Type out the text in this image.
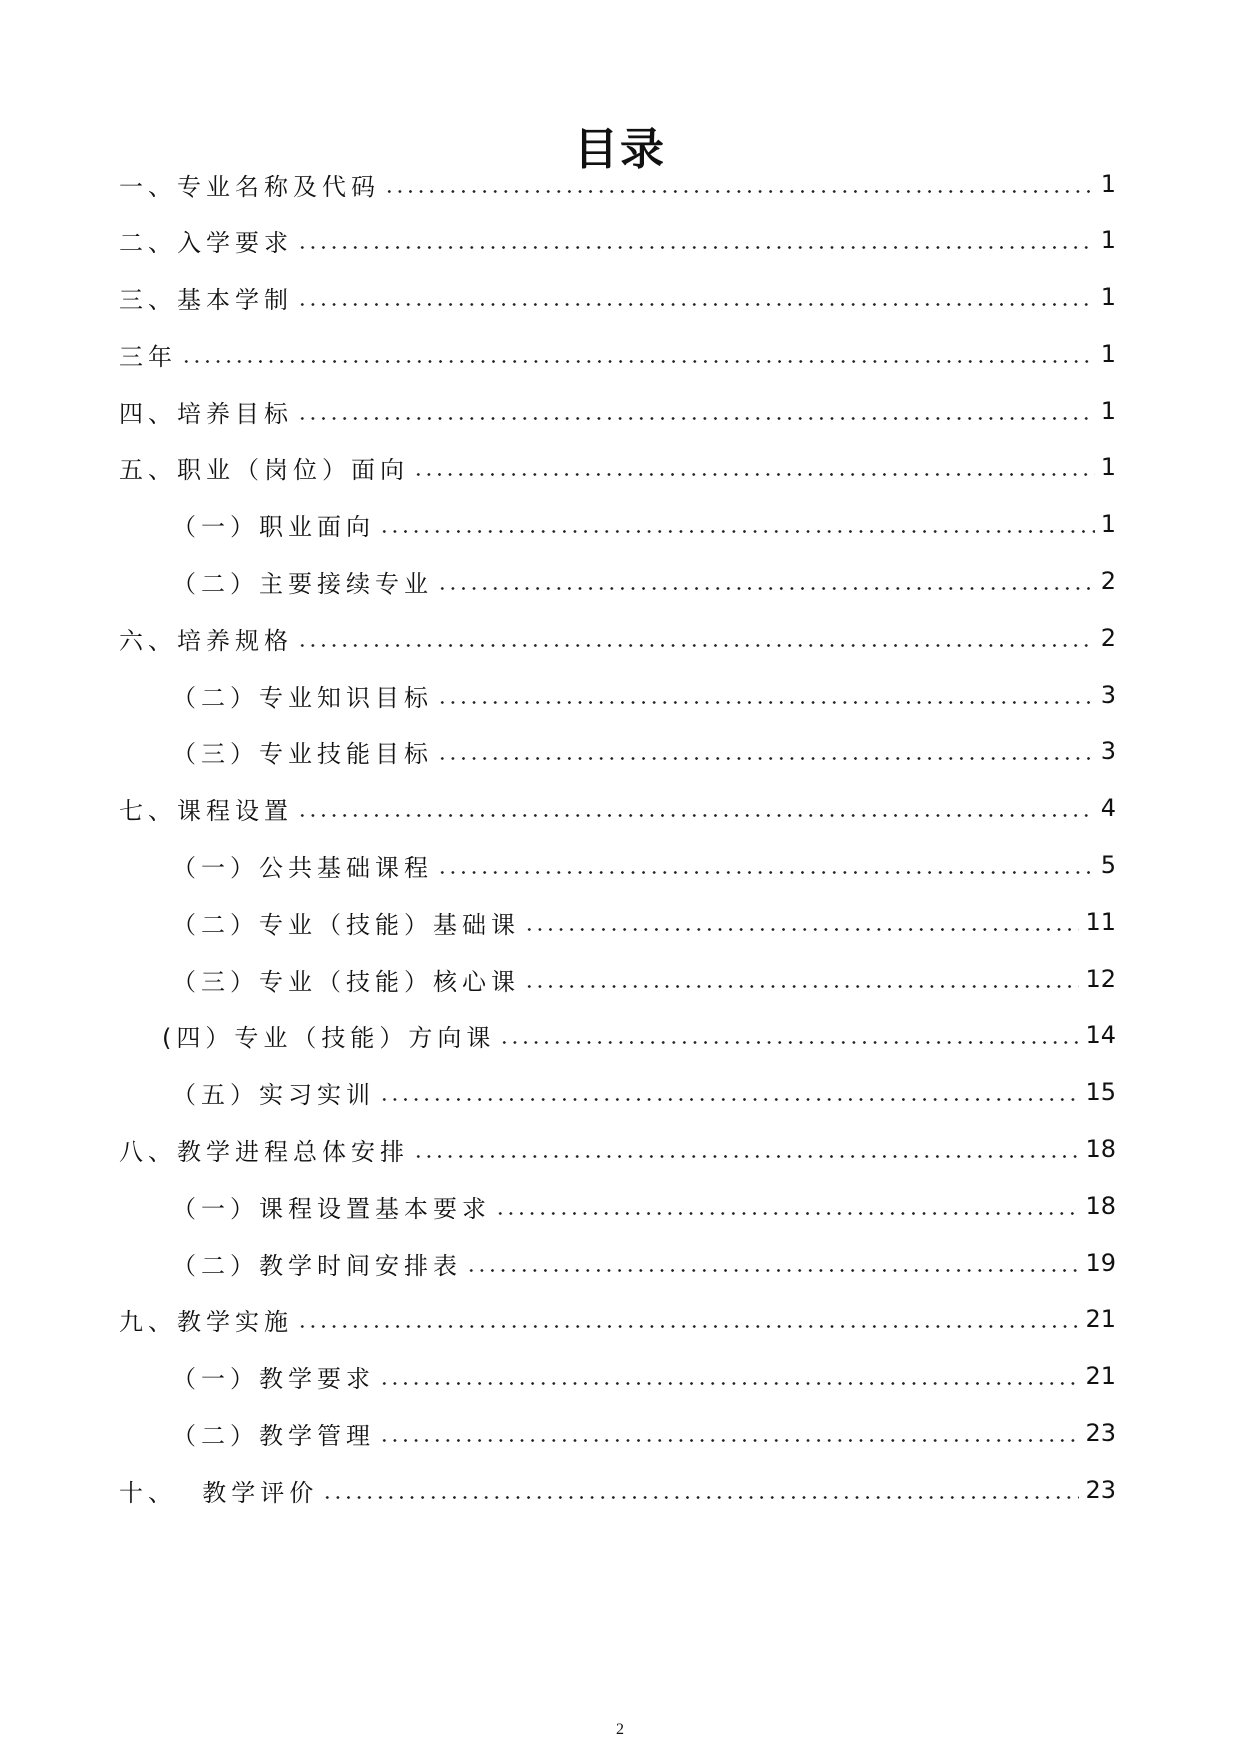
目录
一、专业名称及代码	1
二、入学要求	1
三、基本学制	1
三年	1
四、培养目标	1
五、职业（岗位）面向	1
（一）职业面向	1
（二）主要接续专业	2
六、培养规格	2
（二）专业知识目标	3
（三）专业技能目标	3
七、课程设置	4
（一）公共基础课程	5
（二）专业（技能）基础课	11
（三）专业（技能）核心课	12
(四）专业（技能）方向课	14
（五）实习实训	15
八、教学进程总体安排	18
（一）课程设置基本要求	18
（二）教学时间安排表	19
九、教学实施	21
（一）教学要求	21
（二）教学管理	23
十、  教学评价	23
2
